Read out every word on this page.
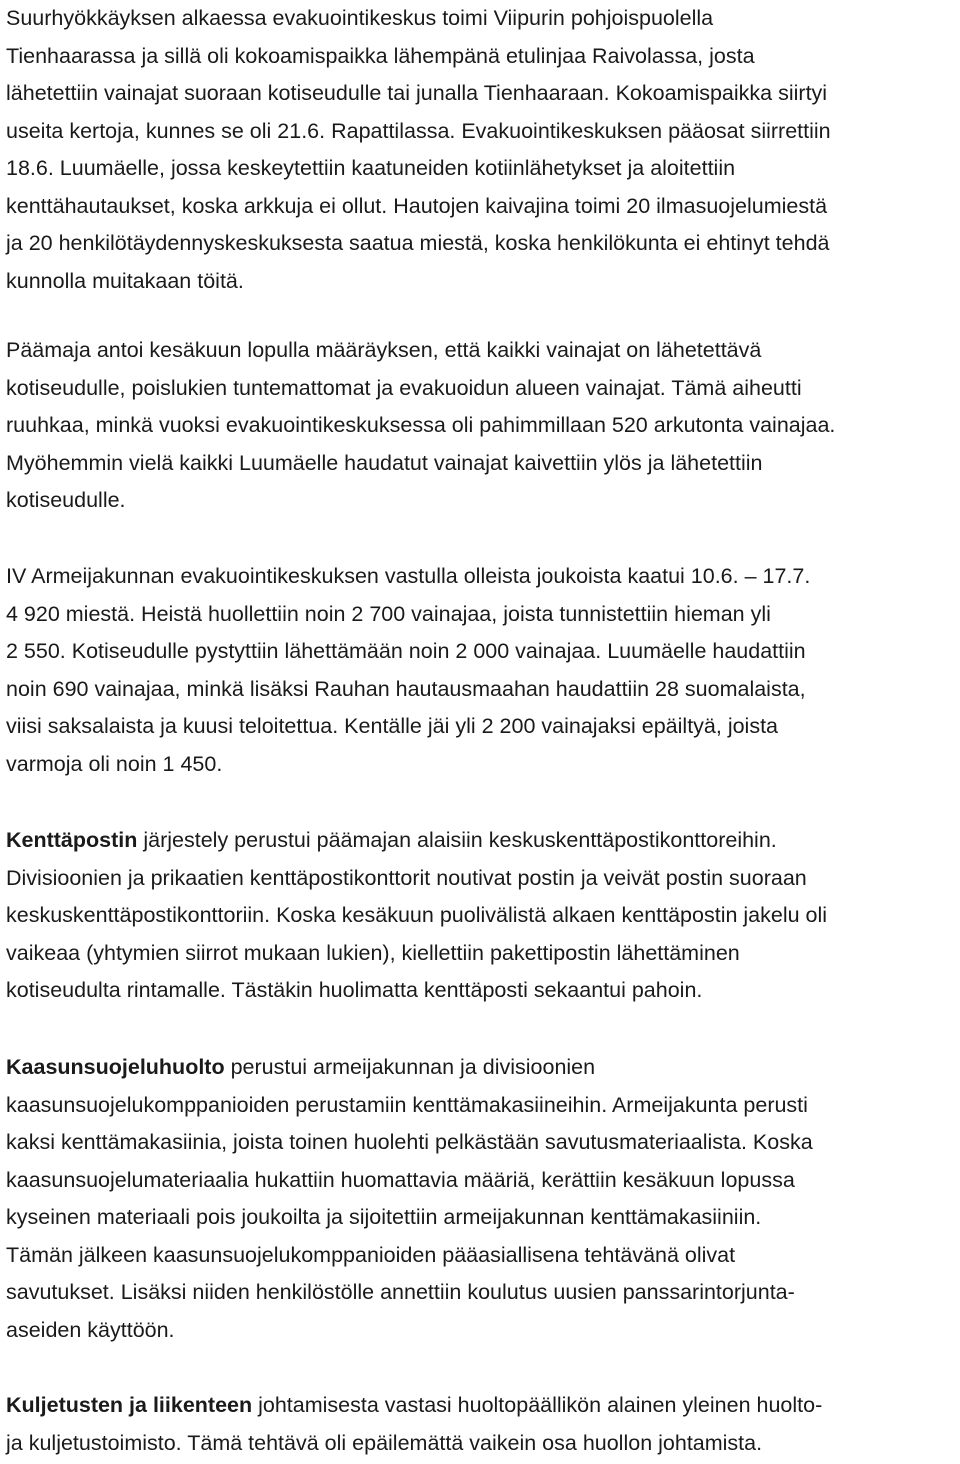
Suurhyökkäyksen alkaessa evakuointikeskus toimi Viipurin pohjoispuolella
Tienhaarassa ja sillä oli kokoamispaikka lähempänä etulinjaa Raivolassa, josta
lähetettiin vainajat suoraan kotiseudulle tai junalla Tienhaaraan. Kokoamispaikka siirtyi
useita kertoja, kunnes se oli 21.6. Rapattilassa. Evakuointikeskuksen pääosat siirrettiin
18.6. Luumäelle, jossa keskeytettiin kaatuneiden kotiinlähetykset ja aloitettiin
kenttähautaukset, koska arkkuja ei ollut. Hautojen kaivajina toimi 20 ilmasuojelumiestä
ja 20 henkilötäydennyskeskuksesta saatua miestä, koska henkilökunta ei ehtinyt tehdä
kunnolla muitakaan töitä.
Päämaja antoi kesäkuun lopulla määräyksen, että kaikki vainajat on lähetettävä
kotiseudulle, poislukien tuntemattomat ja evakuoidun alueen vainajat. Tämä aiheutti
ruuhkaa, minkä vuoksi evakuointikeskuksessa oli pahimmillaan 520 arkutonta vainajaa.
Myöhemmin vielä kaikki Luumäelle haudatut vainajat kaivettiin ylös ja lähetettiin
kotiseudulle.
IV Armeijakunnan evakuointikeskuksen vastulla olleista joukoista kaatui 10.6. – 17.7.
4 920 miestä. Heistä huollettiin noin 2 700 vainajaa, joista tunnistettiin hieman yli
2 550. Kotiseudulle pystyttiin lähettämään noin 2 000 vainajaa. Luumäelle haudattiin
noin 690 vainajaa, minkä lisäksi Rauhan hautausmaahan haudattiin 28 suomalaista,
viisi saksalaista ja kuusi teloitettua. Kentälle jäi yli 2 200 vainajaksi epäiltyä, joista
varmoja oli noin 1 450.
Kenttäpostin järjestely perustui päämajan alaisiin keskuskenttäpostikonttoreihin.
Divisioonien ja prikaatien kenttäpostikonttorit noutivat postin ja veivät postin suoraan
keskuskenttäpostikonttoriin. Koska kesäkuun puolivälistä alkaen kenttäpostin jakelu oli
vaikeaa (yhtymien siirrot mukaan lukien), kiellettiin pakettipostin lähettäminen
kotiseudulta rintamalle. Tästäkin huolimatta kenttäposti sekaantui pahoin.
Kaasunsuojeluhuolto perustui armeijakunnan ja divisioonien
kaasunsuojelukomppanioiden perustamiin kenttämakasiineihin. Armeijakunta perusti
kaksi kenttämakasiinia, joista toinen huolehti pelkästään savutusmateriaalista. Koska
kaasunsuojelumateriaalia hukattiin huomattavia määriä, kerättiin kesäkuun lopussa
kyseinen materiaali pois joukoilta ja sijoitettiin armeijakunnan kenttämakasiiniin.
Tämän jälkeen kaasunsuojelukomppanioiden pääasiallisena tehtävänä olivat
savutukset. Lisäksi niiden henkilöstölle annettiin koulutus uusien panssarintorjunta-
aseiden käyttöön.
Kuljetusten ja liikenteen johtamisesta vastasi huoltopäällikön alainen yleinen huolto-
ja kuljetustoimisto. Tämä tehtävä oli epäilemättä vaikein osa huollon johtamista.
